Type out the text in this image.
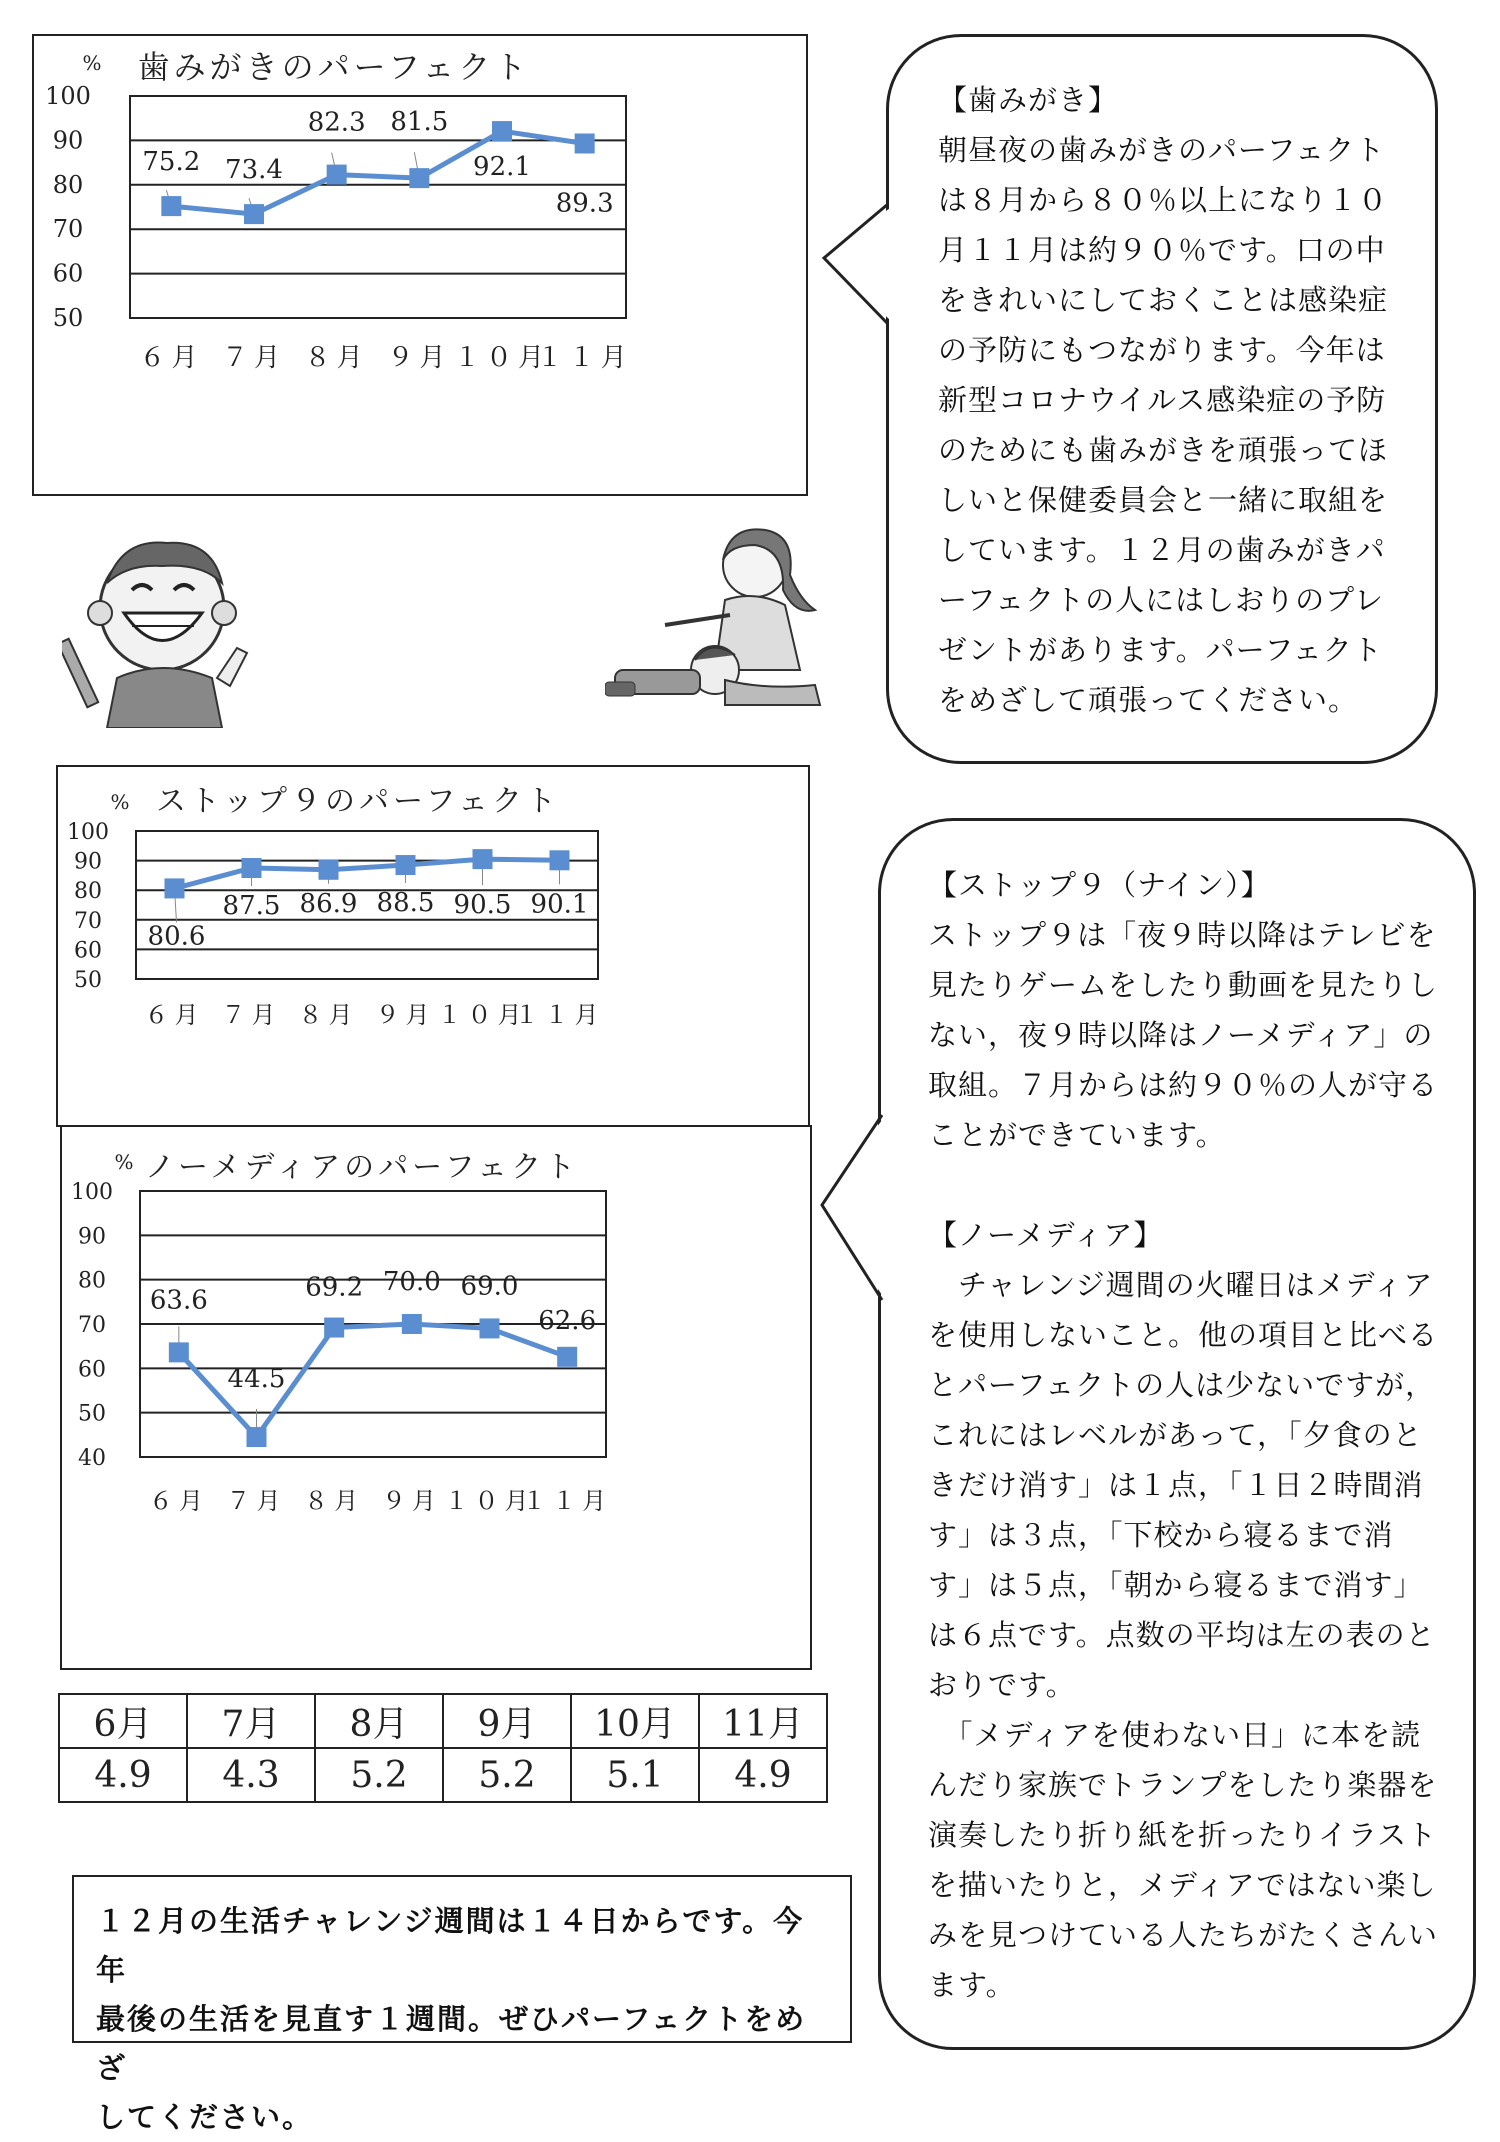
歯みがきのパーフェクト
%
100
90
80
70
60
50
６月 ７月 ８月 ９月 １０月
１１月
75.2 73.4
82.3 81.5
92.1
89.3
ストップ９のパーフェクト
%
100
90
80
70
60
50
６月 ７月 ８月 ９月 １０月
１１月
80.6
87.5 86.9 88.5 90.5 90.1
ノーメディアのパーフェクト
%
100
90
80
70
60
50
40
６月 ７月 ８月 ９月 １０月
１１月
63.6
44.5
69.2 70.0 69.0
62.6

【歯みがき】

朝昼夜の歯みがきのパーフェクト

は８月から８０％以上になり１０

月１１月は約９０％です。口の中

をきれいにしておくことは感染症

の予防にもつながります。今年は

新型コロナウイルス感染症の予防

のためにも歯みがきを頑張ってほ

しいと保健委員会と一緒に取組を

しています。１２月の歯みがきパ

ーフェクトの人にはしおりのプレ

ゼントがあります。パーフェクト

をめざして頑張ってください。

【ストップ９（ナイン）】

ストップ９は「夜９時以降はテレビを

見たりゲームをしたり動画を見たりし

ない，夜９時以降はノーメディア」の

取組。７月からは約９０％の人が守る

ことができています。

【ノーメディア】

　チャレンジ週間の火曜日はメディア

を使用しないこと。他の項目と比べる

とパーフェクトの人は少ないですが，

これにはレベルがあって，「夕食のと

きだけ消す」は１点，「１日２時間消

す」は３点，「下校から寝るまで消

す」は５点，「朝から寝るまで消す」

は６点です。点数の平均は左の表のと

おりです。

　「メディアを使わない日」に本を読

んだり家族でトランプをしたり楽器を

演奏したり折り紙を折ったりイラスト

を描いたりと，メディアではない楽し

みを見つけている人たちがたくさんい

ます。

6月	7月	8月	9月	10月	11月
4.9	4.3	5.2	5.2	5.1	4.9
１２月の生活チャレンジ週間は１４日からです。今年
最後の生活を見直す１週間。ぜひパーフェクトをめざ
してください。
